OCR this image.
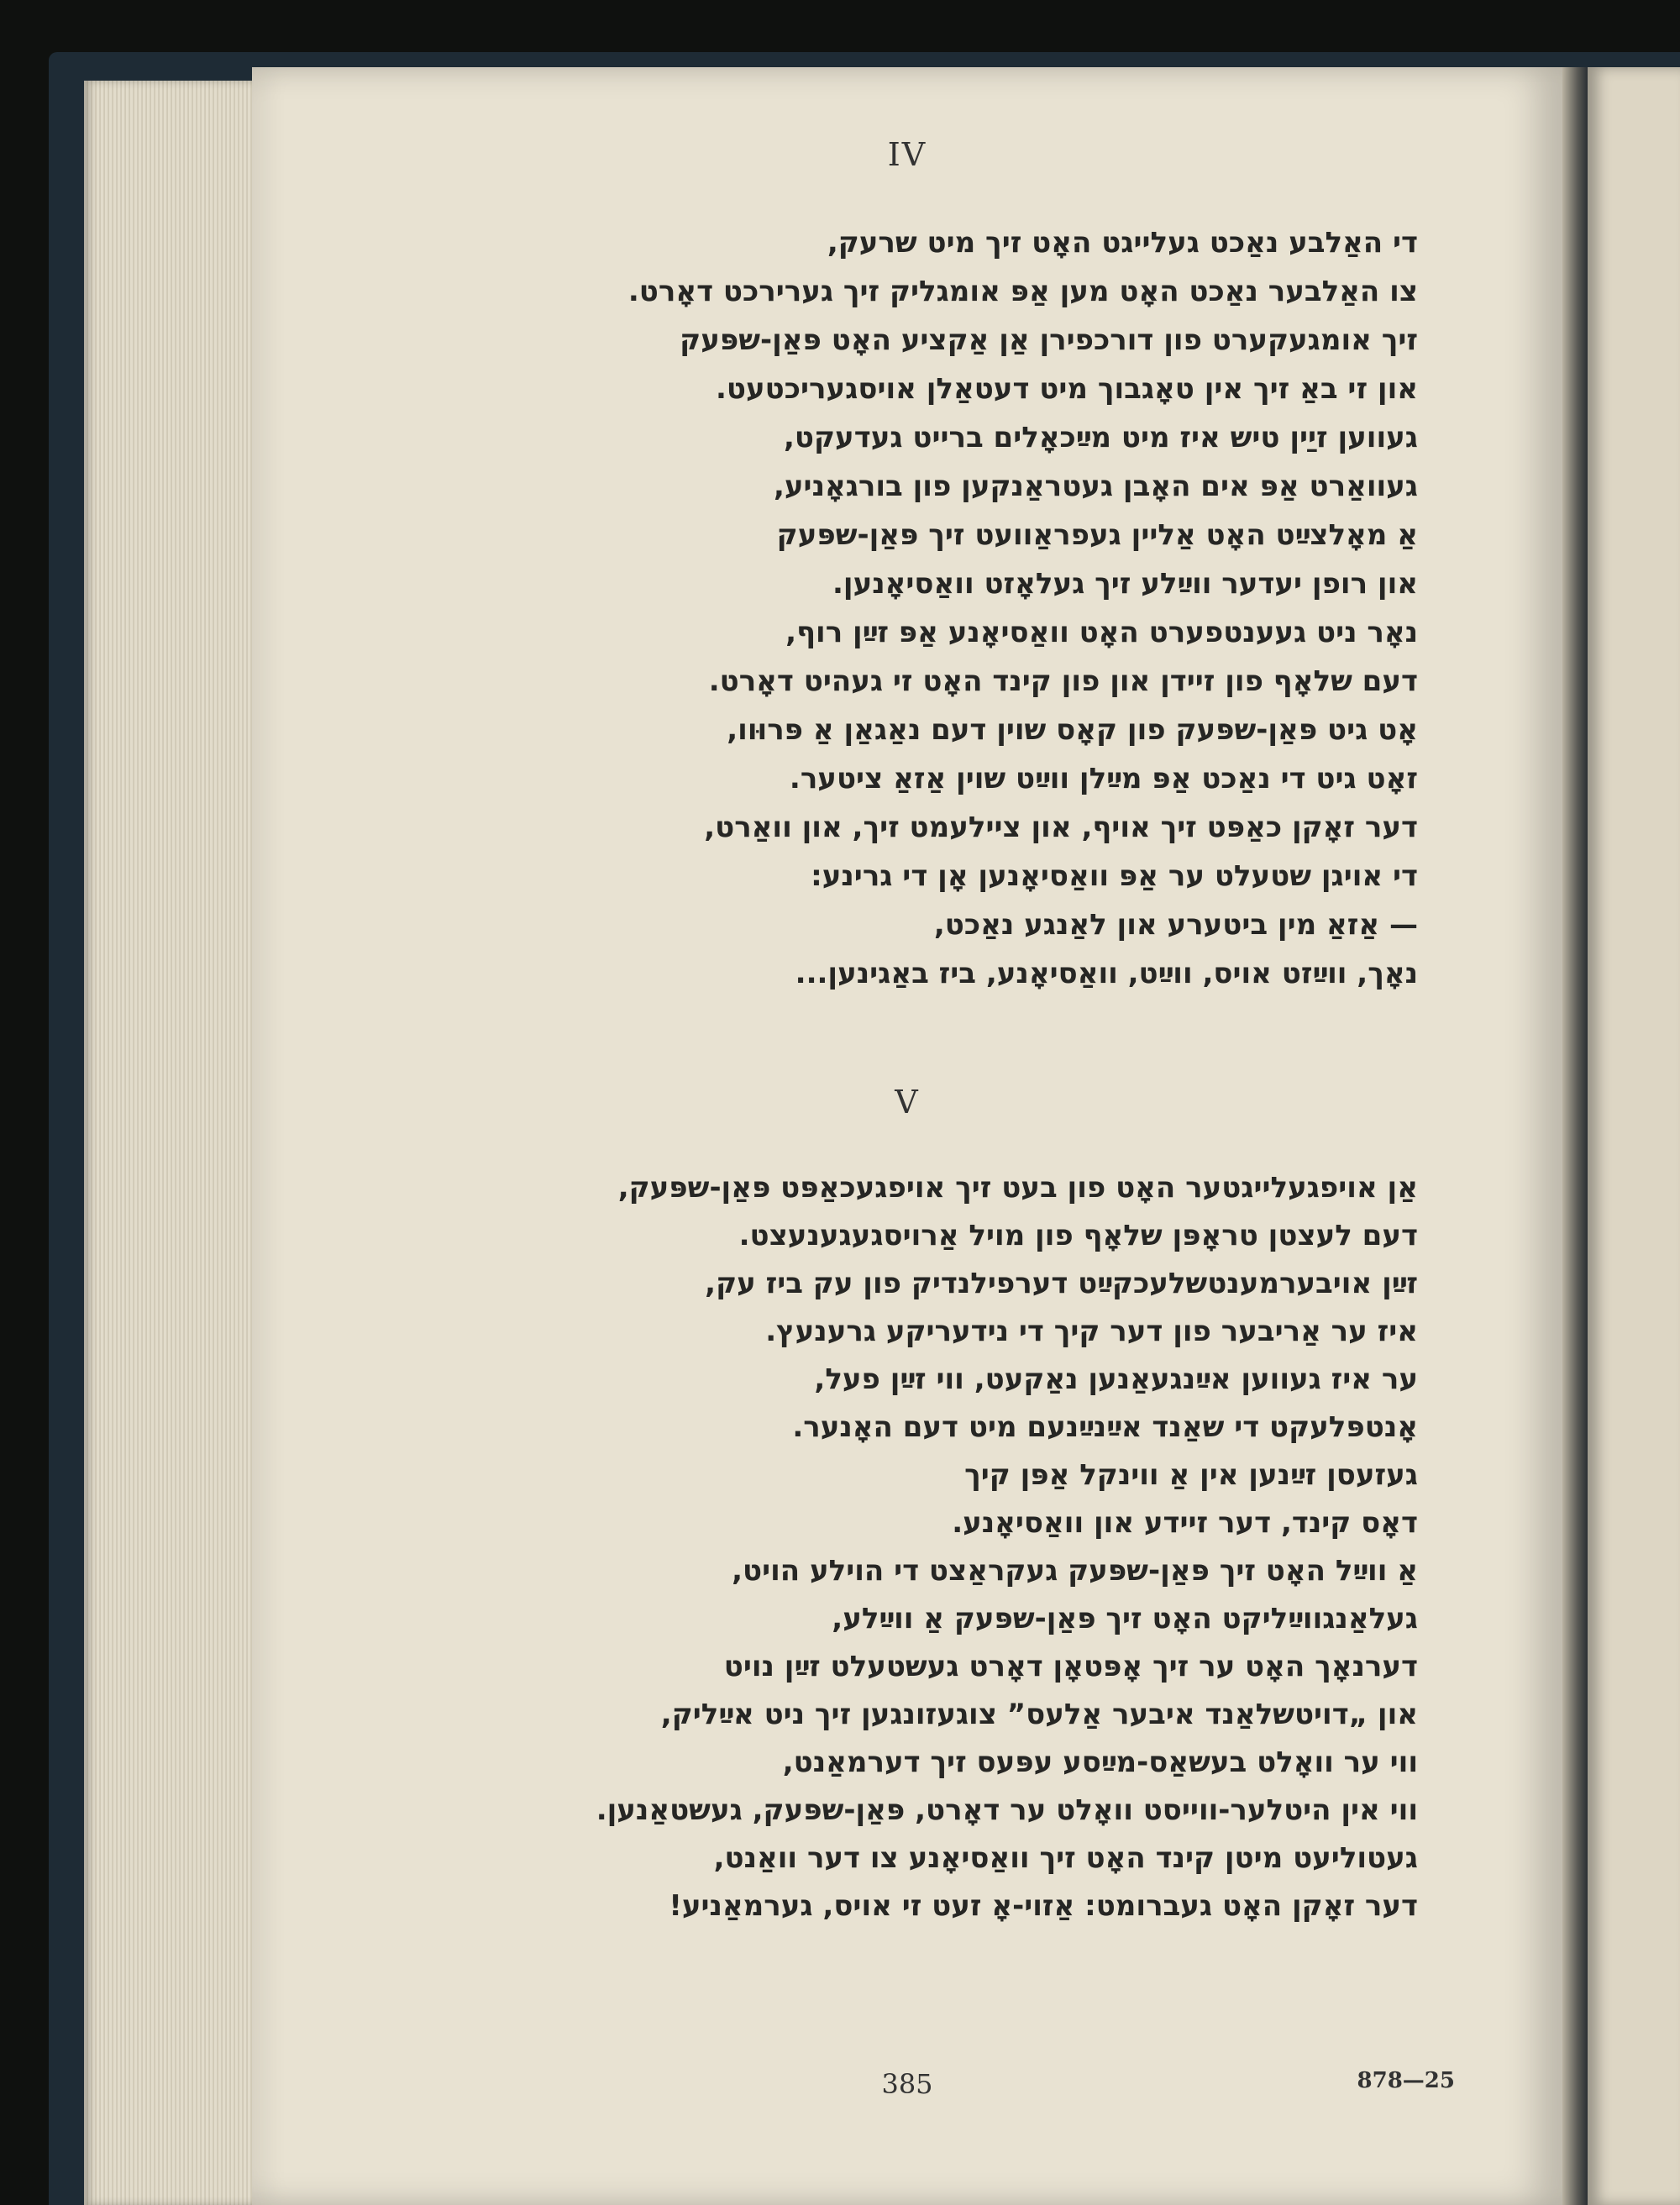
IV
די האַלבע נאַכט געלייגט האָט זיך מיט שרעק,
צו האַלבער נאַכט האָט מען אַפּ אומגליק זיך גערירכט דאָרט.
זיך אומגעקערט פון דורכפירן אַן אַקציע האָט פּאַן-שפּעק
און זי באַ זיך אין טאָגבוך מיט דעטאַלן אויסגעריכטעט.
געווען זיַין טיש איז מיט מײַכאָלים ברייט געדעקט,
געוואַרט אַפּ אים האָבן געטראַנקען פון בורגאָניע,
אַ מאָלצײַט האָט אַליין געפראַוועט זיך פּאַן-שפּעק
און רופן יעדער ווײַלע זיך געלאָזט וואַסיאָנען.
נאָר ניט געענטפערט האָט וואַסיאָנע אַפּ זײַן רוף,
דעם שלאָף פון זיידן און פון קינד האָט זי געהיט דאָרט.
אָט גיט פּאַן-שפּעק פון קאָס שוין דעם נאַגאַן אַ פּרוּוו,
זאָט גיט די נאַכט אַפּ מײַלן ווײַט שוין אַזאַ ציטער.
דער זאָקן כאַפּט זיך אויף, און ציילעמט זיך, און וואַרט,
די אויגן שטעלט ער אַפּ וואַסיאָנען אָן די גרינע:
— אַזאַ מין ביטערע און לאַנגע נאַכט,
נאָך, ווײַזט אויס, ווײַט, וואַסיאָנע, ביז באַגינען...
V
אַן אויפגעלייגטער האָט פון בעט זיך אויפגעכאַפּט פּאַן-שפּעק,
דעם לעצטן טראָפּן שלאָף פון מויל אַרויסגעגענעצט.
זײַן אויבערמענטשלעכקײַט דערפילנדיק פון עק ביז עק,
איז ער אַריבער פון דער קיך די נידעריקע גרענעץ.
ער איז געווען אײַנגעאַנען נאַקעט, ווי זײַן פעל,
אָנטפּלעקט די שאַנד אײַנײַנעם מיט דעם האָנער.
געזעסן זײַנען אין אַ ווינקל אַפּן קיך
דאָס קינד, דער זיידע און וואַסיאָנע.
אַ ווײַל האָט זיך פּאַן-שפּעק געקראַצט די הוילע הויט,
געלאַנגווײַליקט האָט זיך פּאַן-שפּעק אַ ווײַלע,
דערנאָך האָט ער זיך אָפּטאָן דאָרט געשטעלט זײַן נויט
און „דויטשלאַנד איבער אַלעס” צוגעזונגען זיך ניט אײַליק,
ווי ער וואָלט בעשאַס-מײַסע עפּעס זיך דערמאַנט,
ווי אין היטלער-ווייסט וואָלט ער דאָרט, פּאַן-שפּעק, געשטאַנען.
געטוליעט מיטן קינד האָט זיך וואַסיאָנע צו דער וואַנט,
דער זאָקן האָט געברומט: אַזוי-אָ זעט זי אויס, גערמאַניע!
385	878—25
